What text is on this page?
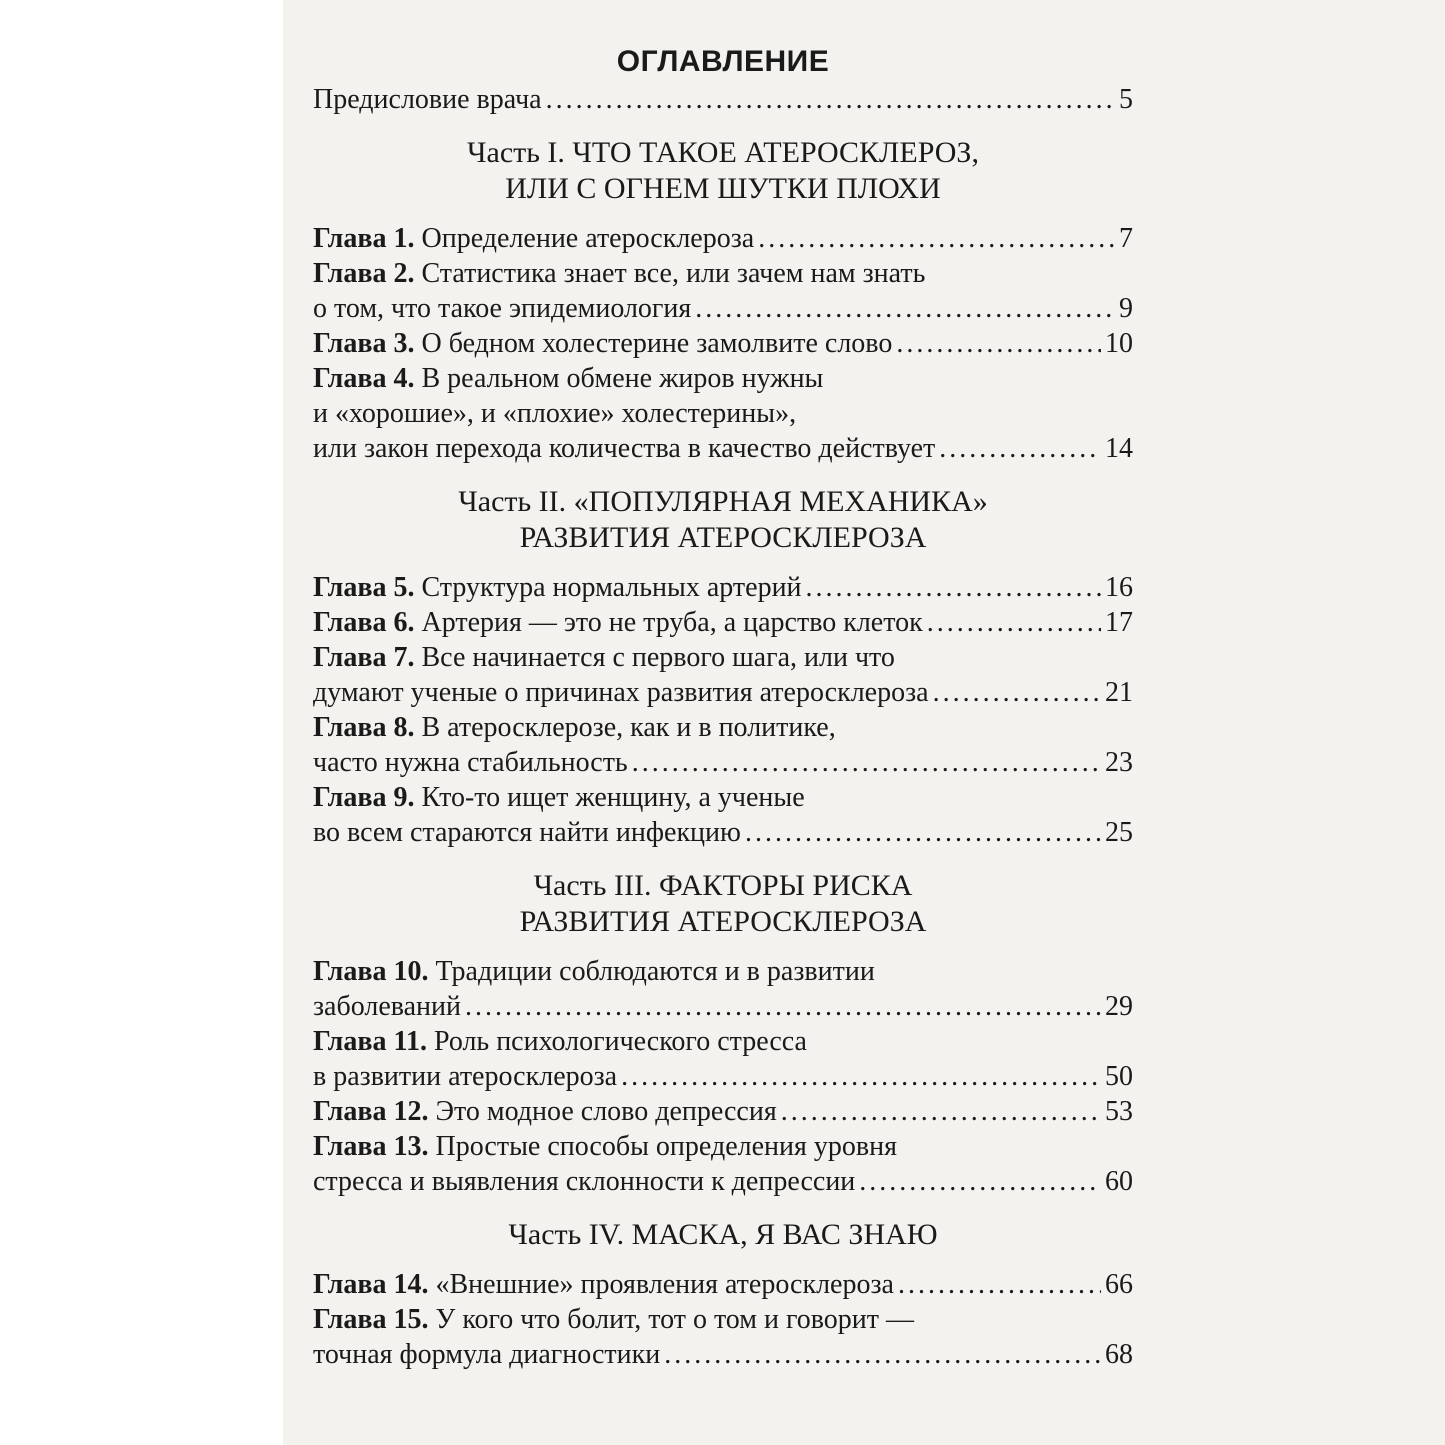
ОГЛАВЛЕНИЕ
Предисловие врача .....	5
Часть I. ЧТО ТАКОЕ АТЕРОСКЛЕРОЗ,
ИЛИ С ОГНЕМ ШУТКИ ПЛОХИ
Глава 1. Определение атеросклероза .....	7
Глава 2. Статистика знает все, или зачем нам знать
о том, что такое эпидемиология .....	9
Глава 3. О бедном холестерине замолвите слово .....	10
Глава 4. В реальном обмене жиров нужны
и «хорошие», и «плохие» холестерины»,
или закон перехода количества в качество действует .....	14
Часть II. «ПОПУЛЯРНАЯ МЕХАНИКА»
РАЗВИТИЯ АТЕРОСКЛЕРОЗА
Глава 5. Структура нормальных артерий .....	16
Глава 6. Артерия — это не труба, а царство клеток .....	17
Глава 7. Все начинается с первого шага, или что
думают ученые о причинах развития атеросклероза .....	21
Глава 8. В атеросклерозе, как и в политике,
часто нужна стабильность .....	23
Глава 9. Кто-то ищет женщину, а ученые
во всем стараются найти инфекцию .....	25
Часть III. ФАКТОРЫ РИСКА
РАЗВИТИЯ АТЕРОСКЛЕРОЗА
Глава 10. Традиции соблюдаются и в развитии
заболеваний .....	29
Глава 11. Роль психологического стресса
в развитии атеросклероза .....	50
Глава 12. Это модное слово депрессия .....	53
Глава 13. Простые способы определения уровня
стресса и выявления склонности к депрессии .....	60
Часть IV. МАСКА, Я ВАС ЗНАЮ
Глава 14. «Внешние» проявления атеросклероза .....	66
Глава 15. У кого что болит, тот о том и говорит —
точная формула диагностики .....	68
